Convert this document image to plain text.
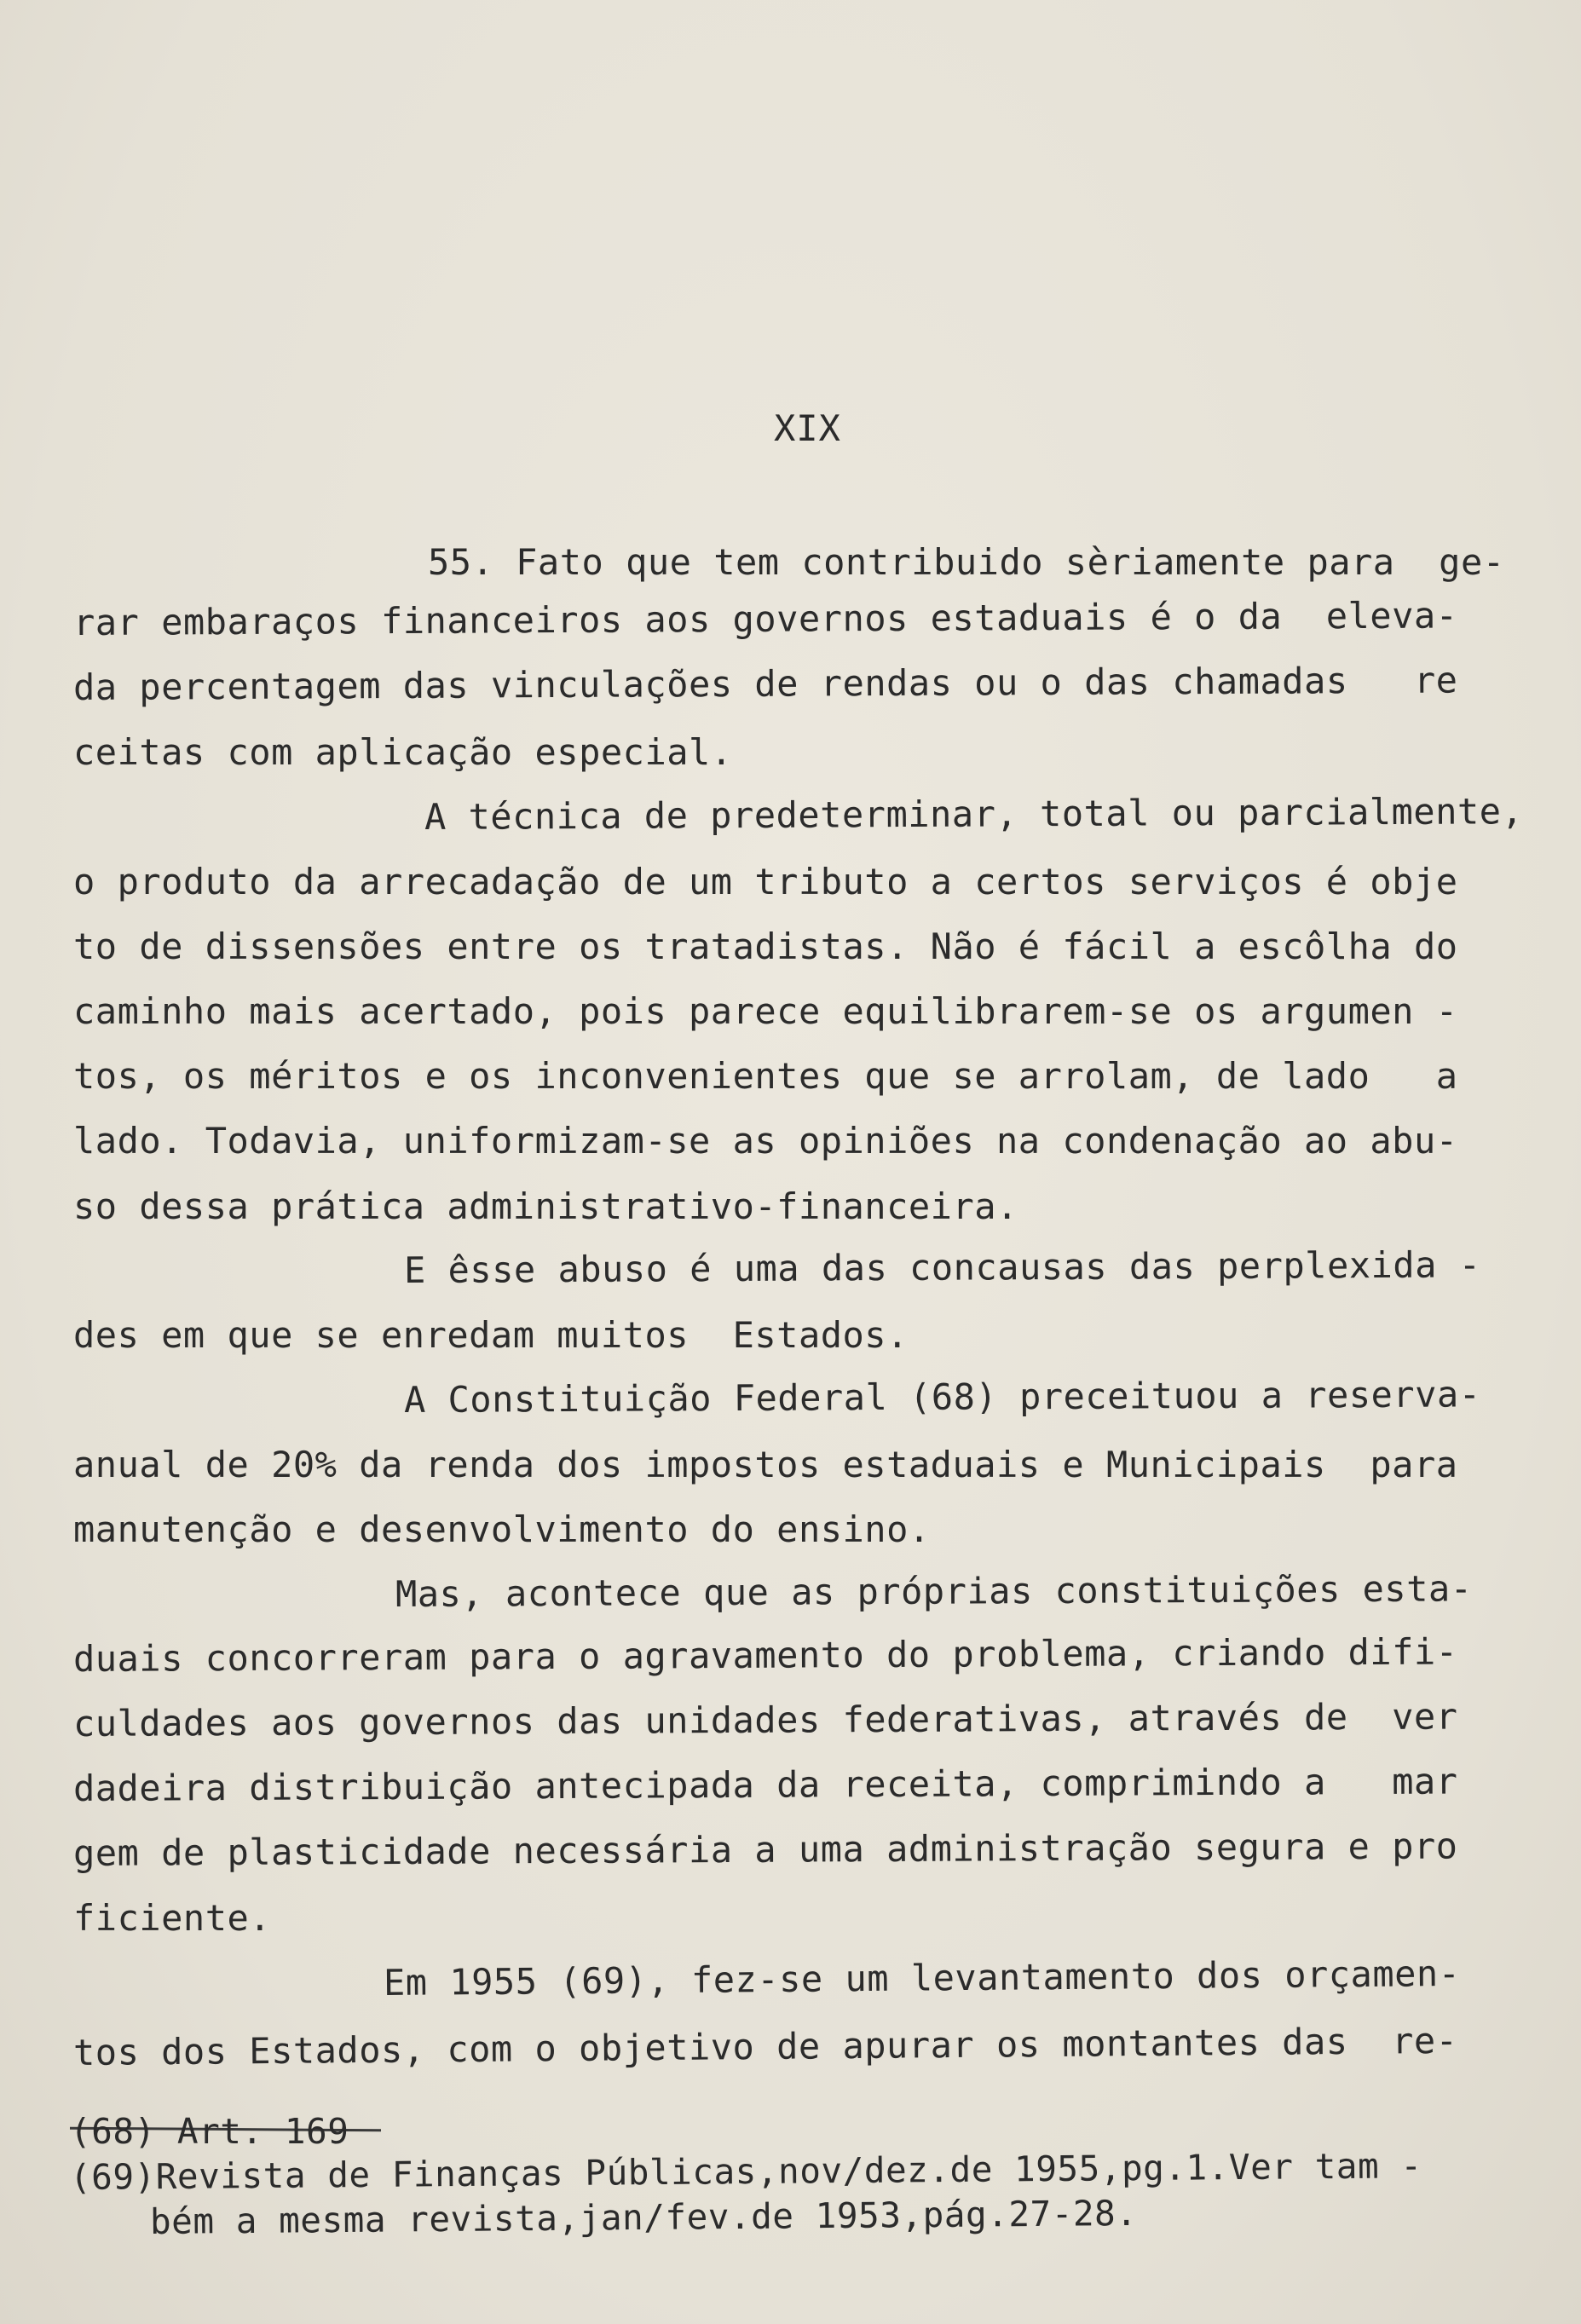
XIX
55. Fato que tem contribuido sèriamente para  ge-
rar embaraços financeiros aos governos estaduais é o da  eleva-
da percentagem das vinculações de rendas ou o das chamadas   re
ceitas com aplicação especial.
A técnica de predeterminar, total ou parcialmente,
o produto da arrecadação de um tributo a certos serviços é obje
to de dissensões entre os tratadistas. Não é fácil a escôlha do
caminho mais acertado, pois parece equilibrarem-se os argumen -
tos, os méritos e os inconvenientes que se arrolam, de lado   a
lado. Todavia, uniformizam-se as opiniões na condenação ao abu-
so dessa prática administrativo-financeira.
E êsse abuso é uma das concausas das perplexida -
des em que se enredam muitos  Estados.
A Constituição Federal (68) preceituou a reserva-
anual de 20% da renda dos impostos estaduais e Municipais  para
manutenção e desenvolvimento do ensino.
Mas, acontece que as próprias constituições esta-
duais concorreram para o agravamento do problema, criando difi-
culdades aos governos das unidades federativas, através de  ver
dadeira distribuição antecipada da receita, comprimindo a   mar
gem de plasticidade necessária a uma administração segura e pro
ficiente.
Em 1955 (69), fez-se um levantamento dos orçamen-
tos dos Estados, com o objetivo de apurar os montantes das  re-
(68) Art. 169
(69)Revista de Finanças Públicas,nov/dez.de 1955,pg.1.Ver tam -
bém a mesma revista,jan/fev.de 1953,pág.27-28.
